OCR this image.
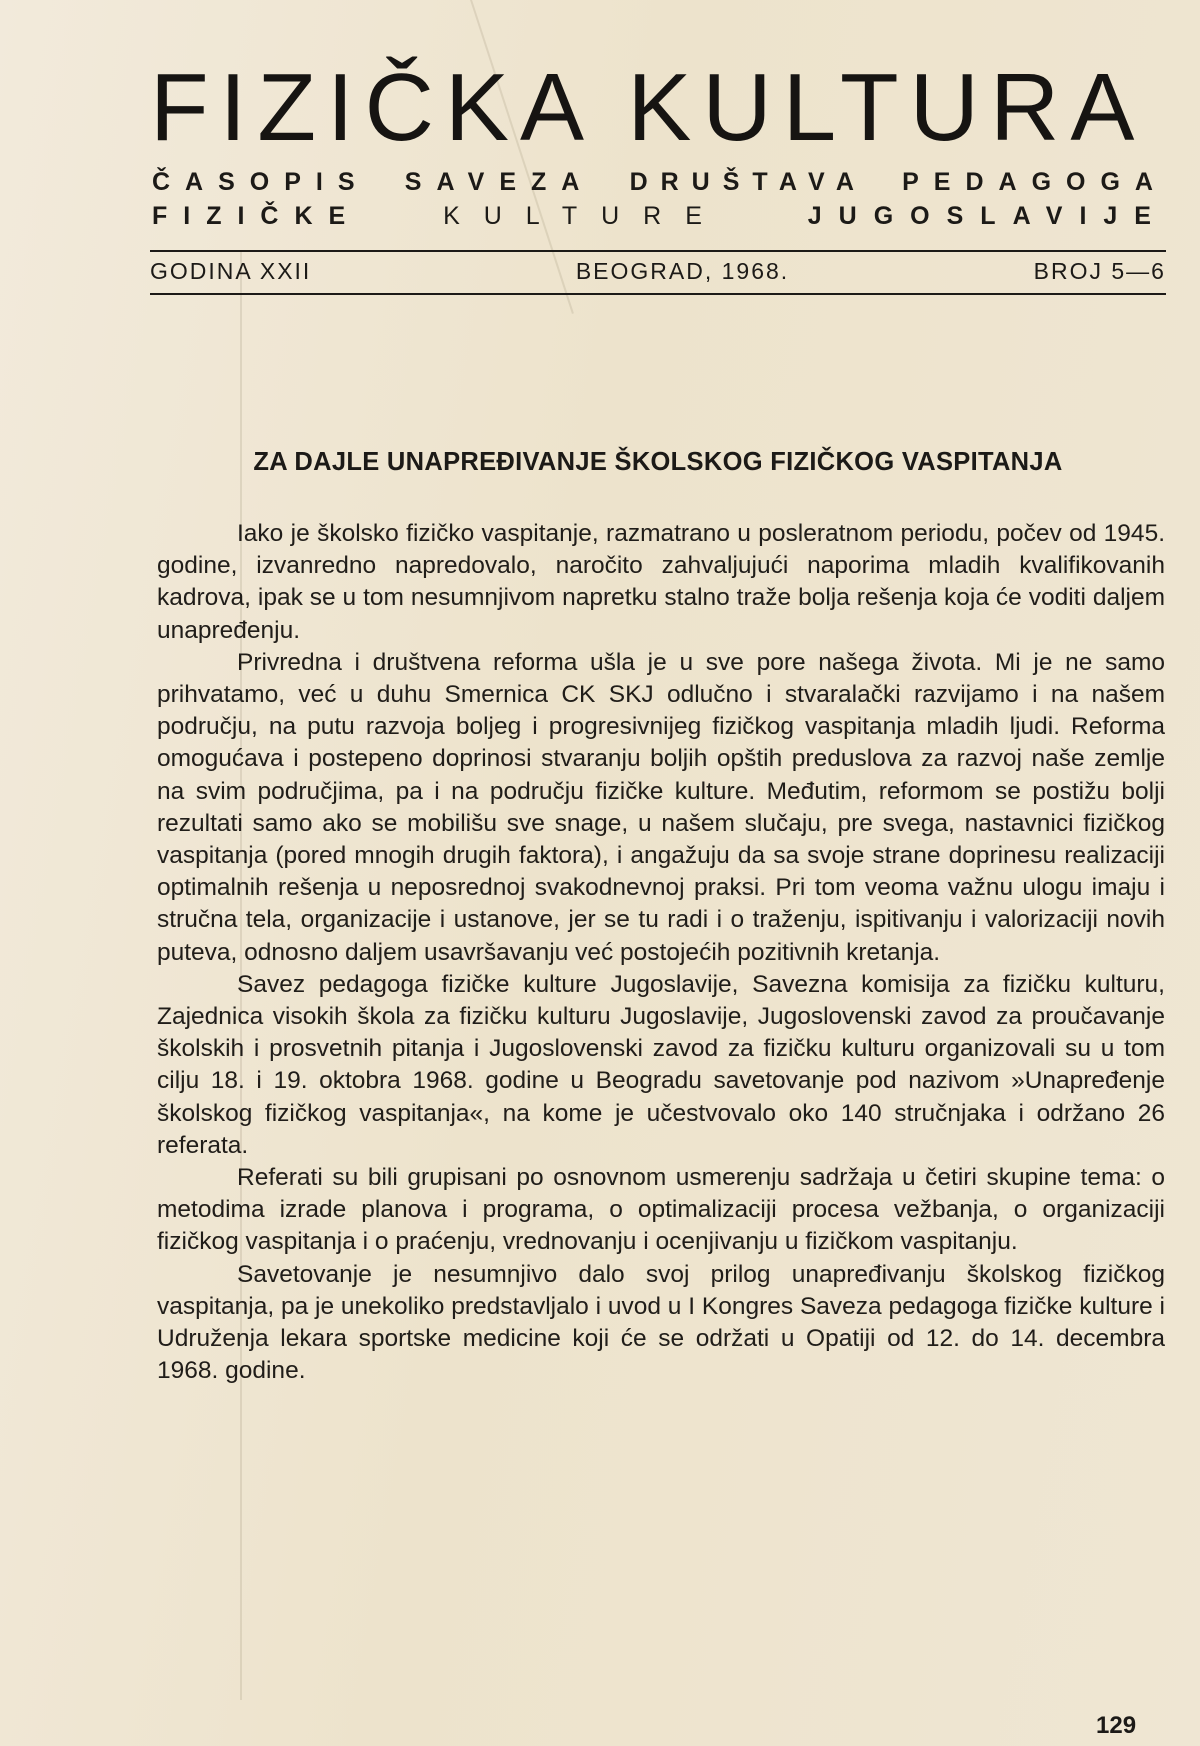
FIZIČKA KULTURA
ČASOPIS SAVEZA DRUŠTAVA PEDAGOGA
FIZIČKE	KULTURE	JUGOSLAVIJE
GODINA XXII	BEOGRAD, 1968.	BROJ 5—6
ZA DAJLE UNAPREĐIVANJE ŠKOLSKOG FIZIČKOG VASPITANJA

Iako je školsko fizičko vaspitanje, razmatrano u posleratnom periodu, počev od 1945. godine, izvanredno napredovalo, naročito zahvaljujući naporima mladih kvalifikovanih kadrova, ipak se u tom nesumnjivom napretku stalno traže bolja rešenja koja će voditi daljem unapređenju.

Privredna i društvena reforma ušla je u sve pore našega života. Mi je ne samo prihvatamo, već u duhu Smernica CK SKJ odlučno i stvaralački razvijamo i na našem području, na putu razvoja boljeg i progresivnijeg fizičkog vaspitanja mladih ljudi. Reforma omogućava i postepeno doprinosi stvaranju boljih opštih preduslova za razvoj naše zemlje na svim područjima, pa i na području fizičke kulture. Međutim, reformom se postižu bolji rezultati samo ako se mobilišu sve snage, u našem slučaju, pre svega, nastavnici fizičkog vaspitanja (pored mnogih drugih faktora), i angažuju da sa svoje strane doprinesu realizaciji optimalnih rešenja u neposrednoj svakodnevnoj praksi. Pri tom veoma važnu ulogu imaju i stručna tela, organizacije i ustanove, jer se tu radi i o traženju, ispitivanju i valorizaciji novih puteva, odnosno daljem usavršavanju već postojećih pozitivnih kretanja.

Savez pedagoga fizičke kulture Jugoslavije, Savezna komisija za fizičku kulturu, Zajednica visokih škola za fizičku kulturu Jugoslavije, Jugoslovenski zavod za proučavanje školskih i prosvetnih pitanja i Jugoslovenski zavod za fizičku kulturu organizovali su u tom cilju 18. i 19. oktobra 1968. godine u Beogradu savetovanje pod nazivom »Unapređenje školskog fizičkog vaspitanja«, na kome je učestvovalo oko 140 stručnjaka i održano 26 referata.

Referati su bili grupisani po osnovnom usmerenju sadržaja u četiri skupine tema: o metodima izrade planova i programa, o optimalizaciji procesa vežbanja, o organizaciji fizičkog vaspitanja i o praćenju, vrednovanju i ocenjivanju u fizičkom vaspitanju.

Savetovanje je nesumnjivo dalo svoj prilog unapređivanju školskog fizičkog vaspitanja, pa je unekoliko predstavljalo i uvod u I Kongres Saveza pedagoga fizičke kulture i Udruženja lekara sportske medicine koji će se održati u Opatiji od 12. do 14. decembra 1968. godine.

129
